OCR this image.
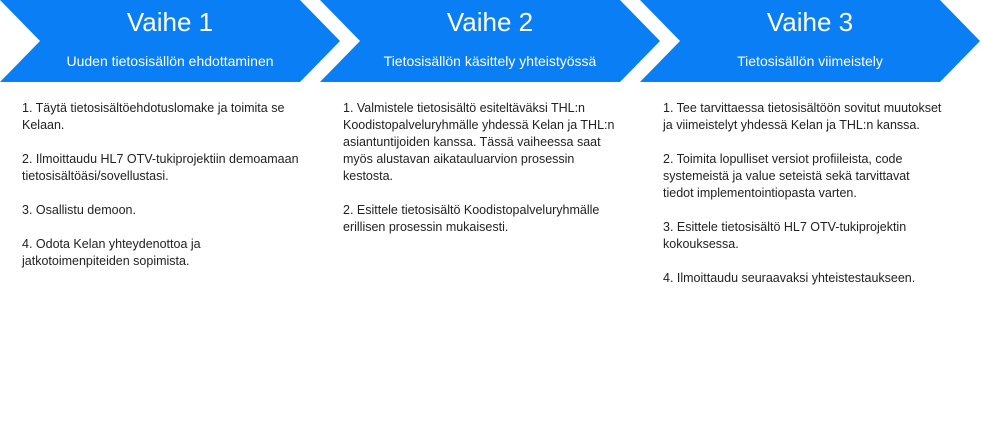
Vaihe 1
Uuden tietosisällön ehdottaminen
Vaihe 2
Tietosisällön käsittely yhteistyössä
Vaihe 3
Tietosisällön viimeistely
1. Täytä tietosisältöehdotuslomake ja toimita se Kelaan.
2. Ilmoittaudu HL7 OTV-tukiprojektiin demoamaan tietosisältöäsi/sovellustasi.
3. Osallistu demoon.
4. Odota Kelan yhteydenottoa ja jatkotoimenpiteiden sopimista.
1. Valmistele tietosisältö esiteltäväksi THL:n Koodistopalveluryhmälle yhdessä Kelan ja THL:n asiantuntijoiden kanssa. Tässä vaiheessa saat myös alustavan aikatauluarvion prosessin kestosta.
2. Esittele tietosisältö Koodistopalveluryhmälle erillisen prosessin mukaisesti.
1. Tee tarvittaessa tietosisältöön sovitut muutokset ja viimeistelyt yhdessä Kelan ja THL:n kanssa.
2. Toimita lopulliset versiot profiileista, code systemeistä ja value seteistä sekä tarvittavat tiedot implementointiopasta varten.
3. Esittele tietosisältö HL7 OTV-tukiprojektin kokouksessa.
4. Ilmoittaudu seuraavaksi yhteistestaukseen.
